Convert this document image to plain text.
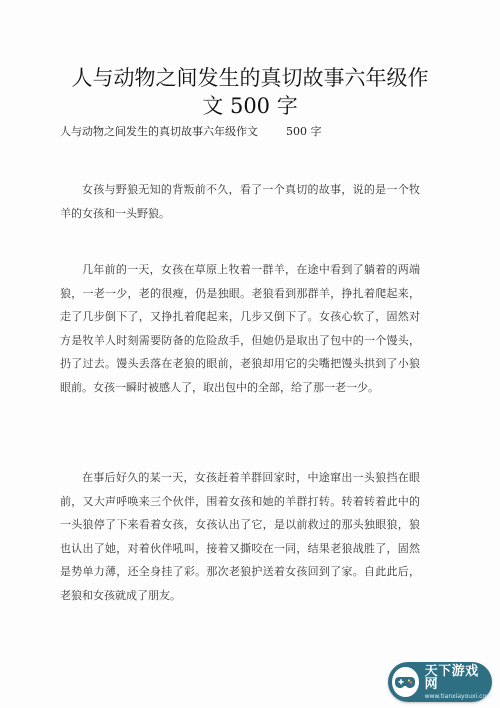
人与动物之间发生的真切故事六年级作
文 500 字
人与动物之间发生的真切故事六年级作文	500 字

女孩与野狼无知的背叛前不久，看了一个真切的故事，说的是一个牧羊的女孩和一头野狼。

几年前的一天，女孩在草原上牧着一群羊，在途中看到了躺着的两端狼，一老一少，老的很瘦，仍是独眼。老狼看到那群羊，挣扎着爬起来，走了几步倒下了，又挣扎着爬起来，几步又倒下了。女孩心软了，固然对方是牧羊人时刻需要防备的危险敌手，但她仍是取出了包中的一个馒头，扔了过去。馒头丢落在老狼的眼前，老狼却用它的尖嘴把馒头拱到了小狼眼前。女孩一瞬时被感人了，取出包中的全部，给了那一老一少。

在事后好久的某一天，女孩赶着羊群回家时，中途窜出一头狼挡在眼前，又大声呼唤来三个伙伴，围着女孩和她的羊群打转。转着转着此中的一头狼停了下来看着女孩，女孩认出了它，是以前救过的那头独眼狼，狼也认出了她，对着伙伴吼叫，接着又撕咬在一同，结果老狼战胜了，固然是势单力薄，还全身挂了彩。那次老狼护送着女孩回到了家。自此此后，老狼和女孩就成了朋友。

天下游戏网
www.tianxiayouxi.com
